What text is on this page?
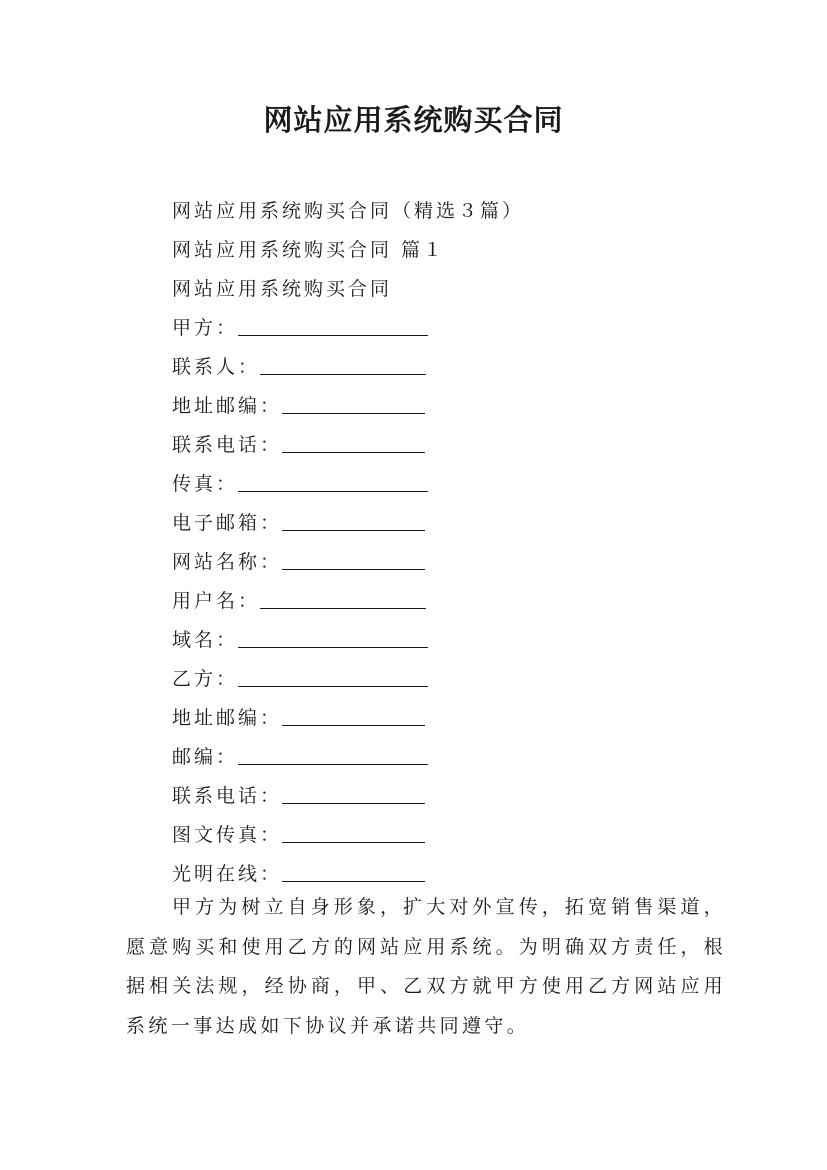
网站应用系统购买合同
网站应用系统购买合同（精选３篇）
网站应用系统购买合同 篇１
网站应用系统购买合同
甲方：
联系人：
地址邮编：
联系电话：
传真：
电子邮箱：
网站名称：
用户名：
域名：
乙方：
地址邮编：
邮编：
联系电话：
图文传真：
光明在线：

甲方为树立自身形象，扩大对外宣传，拓宽销售渠道，愿意购买和使用乙方的网站应用系统。为明确双方责任，根据相关法规，经协商，甲、乙双方就甲方使用乙方网站应用系统一事达成如下协议并承诺共同遵守。
